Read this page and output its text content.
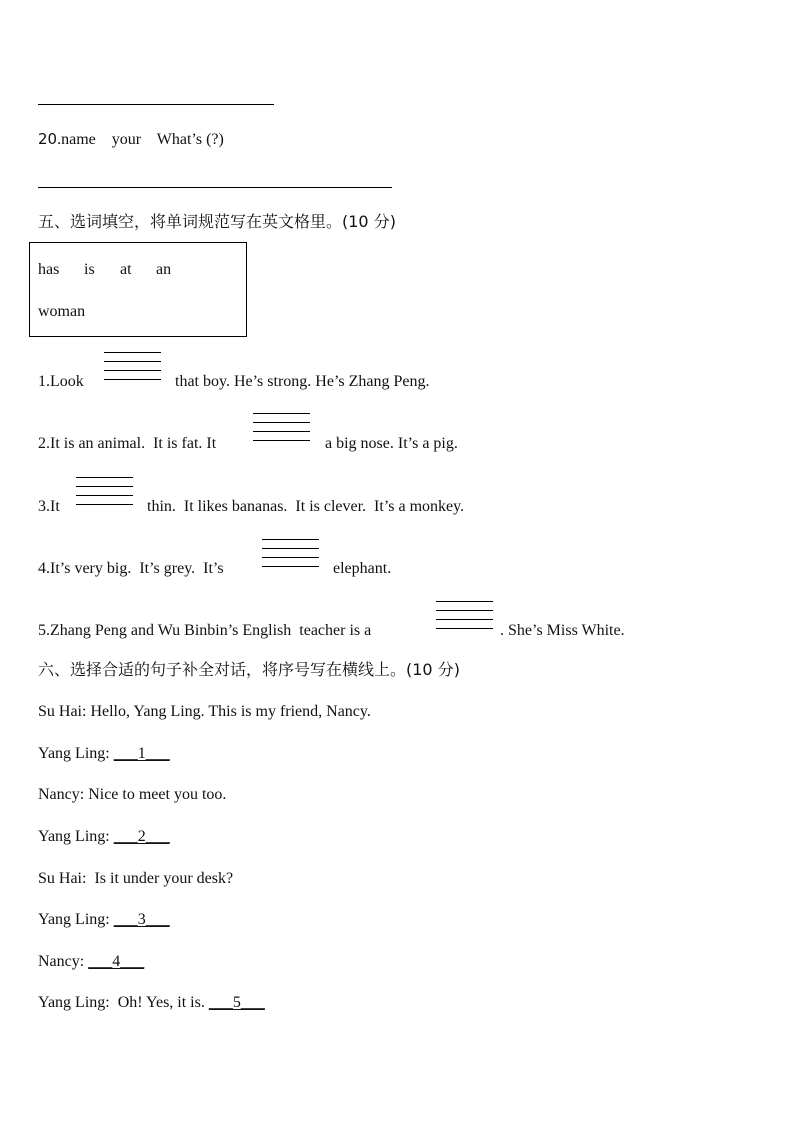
20.name    your    What’s (?)
五、选词填空，将单词规范写在英文格里。(10 分)
has is at an
woman
1.Look	that boy. He’s strong. He’s Zhang Peng.
2.It is an animal.  It is fat. It	a big nose. It’s a pig.
3.It	thin.  It likes bananas.  It is clever.  It’s a monkey.
4.It’s very big.  It’s grey.  It’s	elephant.
5.Zhang Peng and Wu Binbin’s English  teacher is a	. She’s Miss White.
六、选择合适的句子补全对话，将序号写在横线上。(10 分)
Su Hai: Hello, Yang Ling. This is my friend, Nancy.
Yang Ling: ___1___
Nancy: Nice to meet you too.
Yang Ling: ___2___
Su Hai:  Is it under your desk?
Yang Ling: ___3___
Nancy: ___4___
Yang Ling:  Oh! Yes, it is. ___5___
